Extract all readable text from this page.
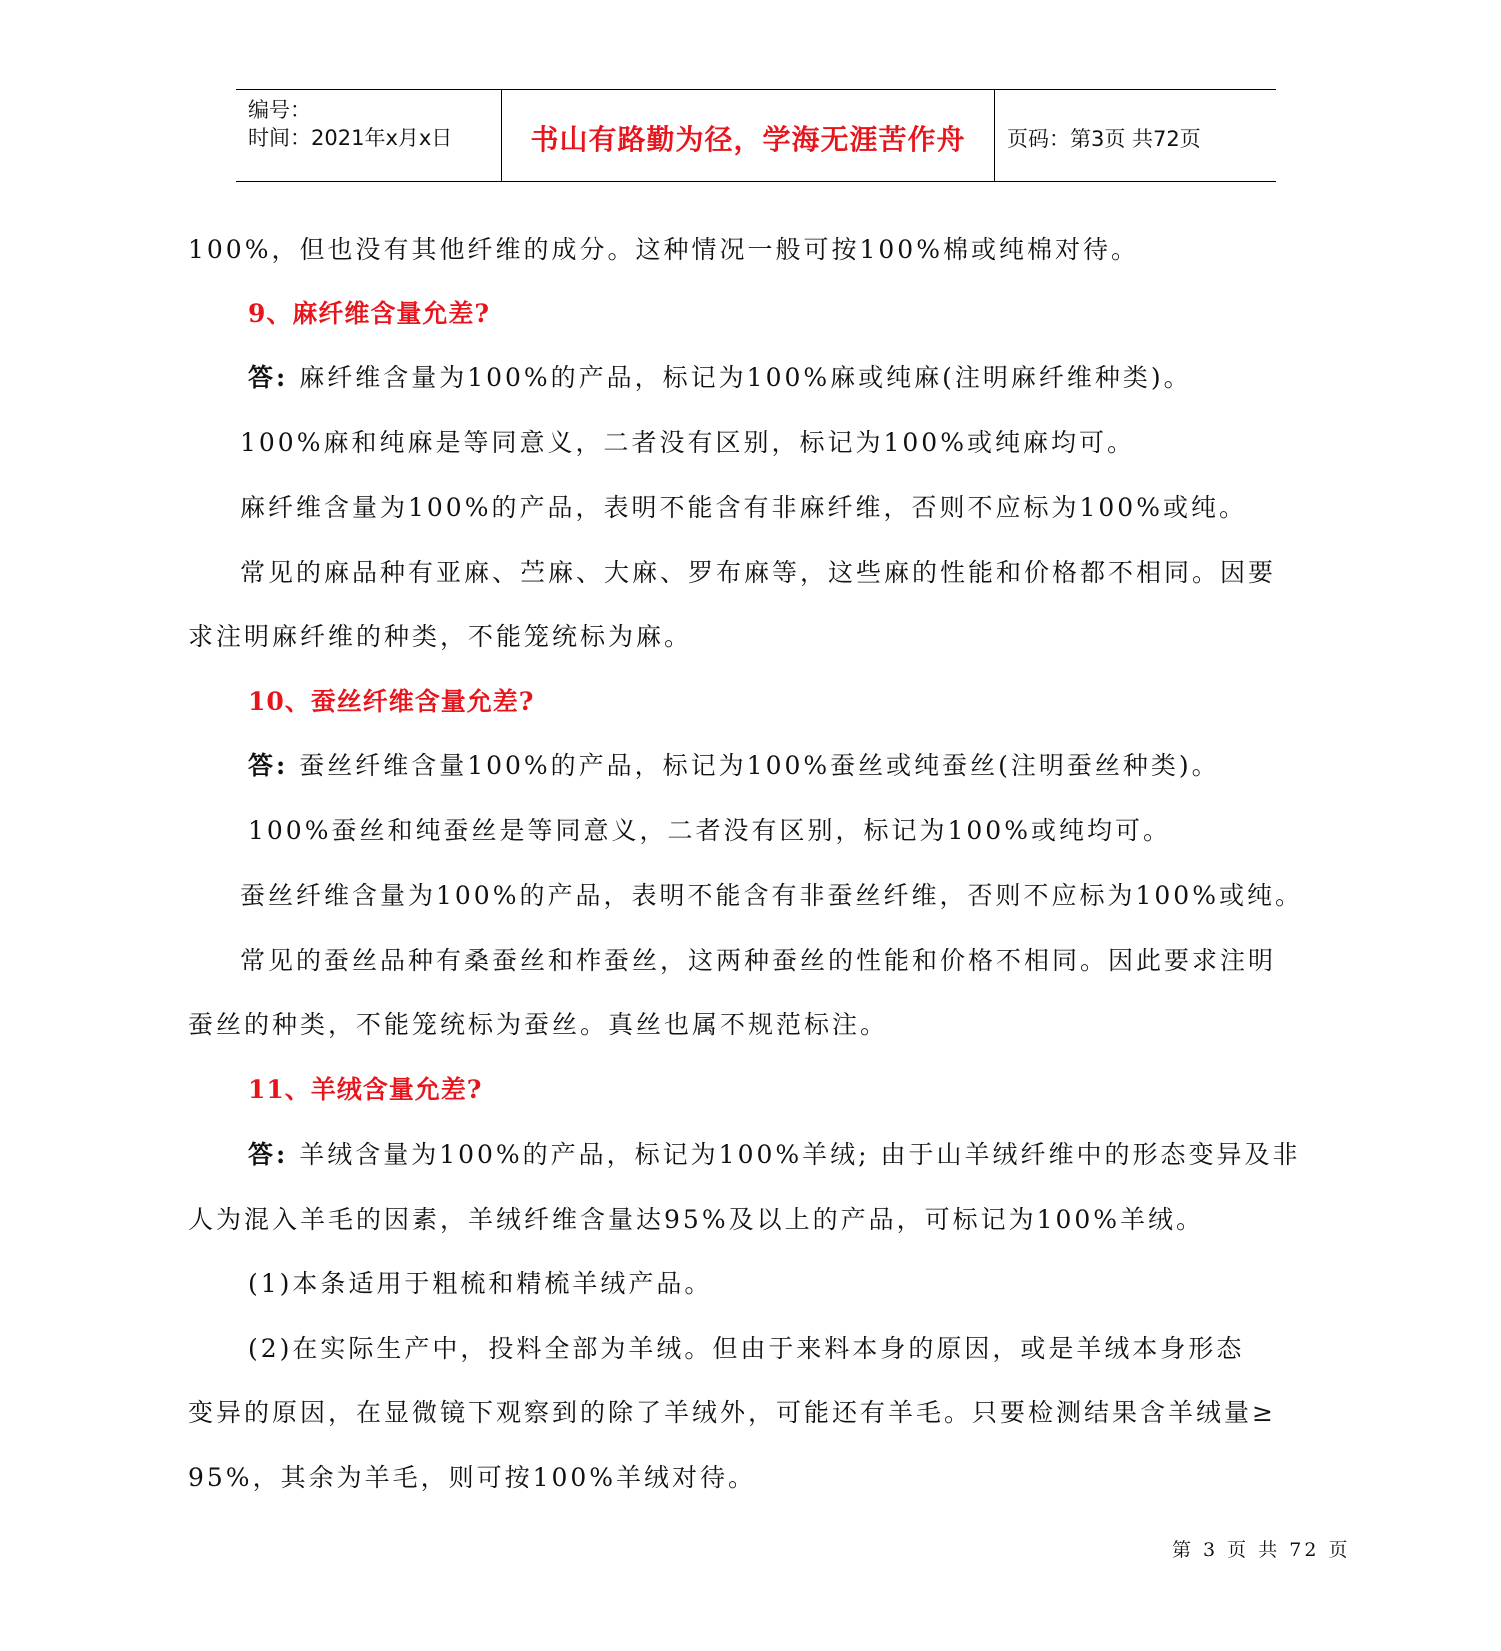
编号：
时间：2021年x月x日	书山有路勤为径，学海无涯苦作舟	页码：第3页 共72页
100%，但也没有其他纤维的成分。这种情况一般可按100%棉或纯棉对待。
9、麻纤维含量允差?
答: 麻纤维含量为100%的产品，标记为100%麻或纯麻(注明麻纤维种类)。
100%麻和纯麻是等同意义，二者没有区别，标记为100%或纯麻均可。
麻纤维含量为100%的产品，表明不能含有非麻纤维，否则不应标为100%或纯。
常见的麻品种有亚麻、苎麻、大麻、罗布麻等，这些麻的性能和价格都不相同。因要
求注明麻纤维的种类，不能笼统标为麻。
10、蚕丝纤维含量允差?
答: 蚕丝纤维含量100%的产品，标记为100%蚕丝或纯蚕丝(注明蚕丝种类)。
100%蚕丝和纯蚕丝是等同意义，二者没有区别，标记为100%或纯均可。
蚕丝纤维含量为100%的产品，表明不能含有非蚕丝纤维，否则不应标为100%或纯。
常见的蚕丝品种有桑蚕丝和柞蚕丝，这两种蚕丝的性能和价格不相同。因此要求注明
蚕丝的种类，不能笼统标为蚕丝。真丝也属不规范标注。
11、羊绒含量允差?
答: 羊绒含量为100%的产品，标记为100%羊绒; 由于山羊绒纤维中的形态变异及非
人为混入羊毛的因素，羊绒纤维含量达95%及以上的产品，可标记为100%羊绒。
(1)本条适用于粗梳和精梳羊绒产品。
(2)在实际生产中，投料全部为羊绒。但由于来料本身的原因，或是羊绒本身形态
变异的原因，在显微镜下观察到的除了羊绒外，可能还有羊毛。只要检测结果含羊绒量≥
95%，其余为羊毛，则可按100%羊绒对待。
第 3 页 共 72 页
